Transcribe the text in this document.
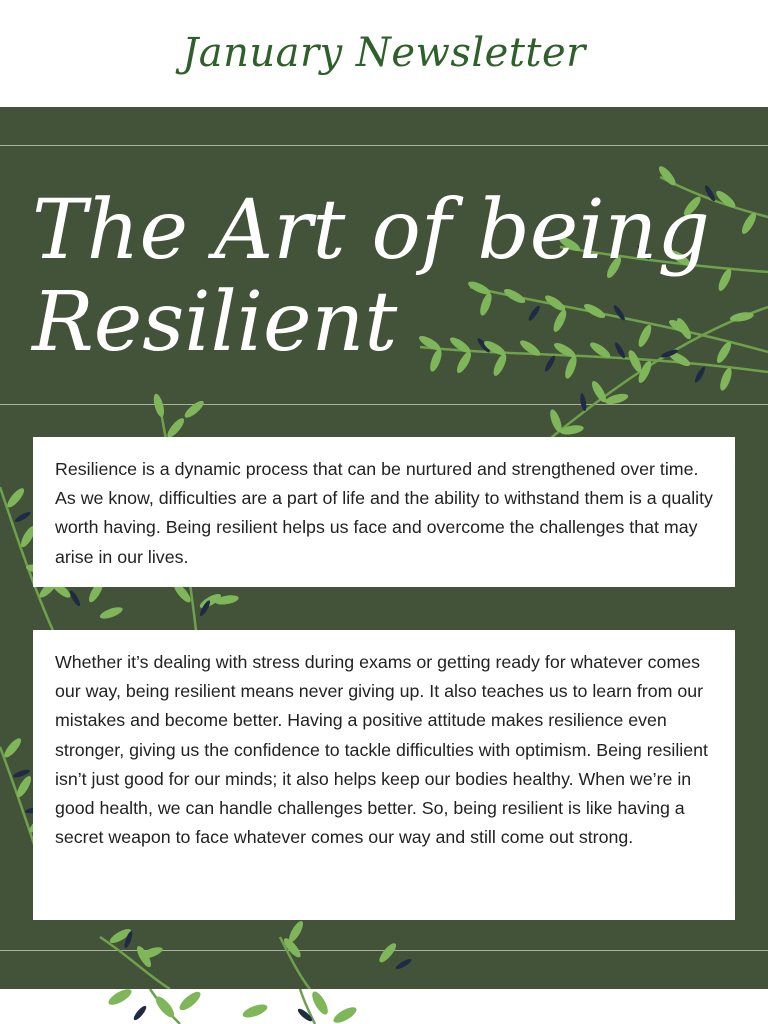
January Newsletter
The Art of being Resilient

Resilience is a dynamic process that can be nurtured and strengthened over time. As we know, difficulties are a part of life and the ability to withstand them is a quality worth having. Being resilient helps us face and overcome the challenges that may arise in our lives.

Whether it’s dealing with stress during exams or getting ready for whatever comes our way, being resilient means never giving up. It also teaches us to learn from our mistakes and become better. Having a positive attitude makes resilience even stronger, giving us the confidence to tackle difficulties with optimism. Being resilient isn’t just good for our minds; it also helps keep our bodies healthy. When we’re in good health, we can handle challenges better. So, being resilient is like having a secret weapon to face whatever comes our way and still come out strong.
